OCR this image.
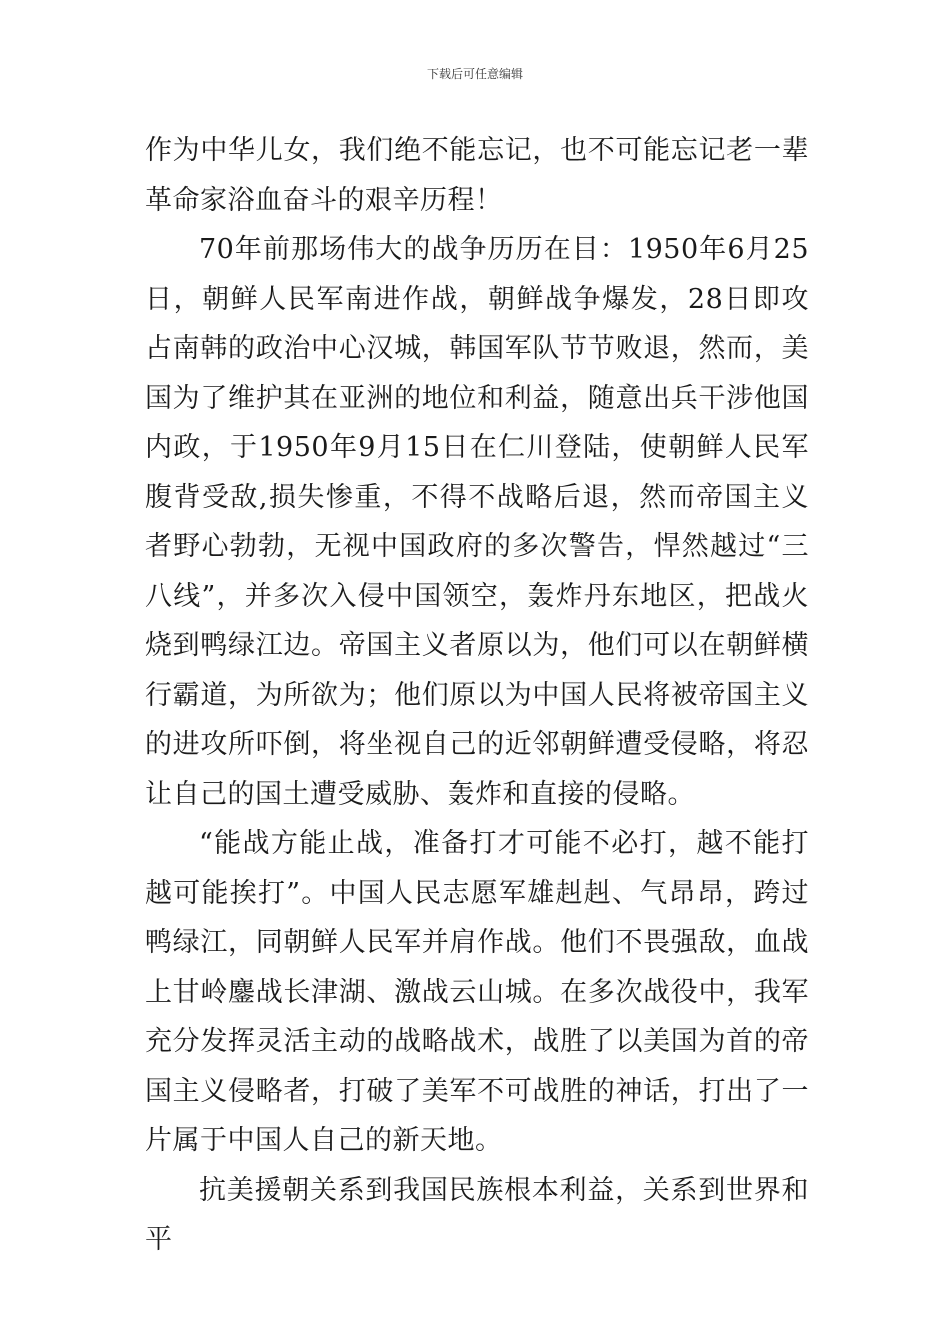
下载后可任意编辑

作为中华儿女，我们绝不能忘记，也不可能忘记老一辈革命家浴血奋斗的艰辛历程！

70年前那场伟大的战争历历在目：1950年6月25日，朝鲜人民军南进作战，朝鲜战争爆发，28日即攻占南韩的政治中心汉城，韩国军队节节败退，然而，美国为了维护其在亚洲的地位和利益，随意出兵干涉他国内政，于1950年9月15日在仁川登陆，使朝鲜人民军腹背受敌,损失惨重，不得不战略后退，然而帝国主义者野心勃勃，无视中国政府的多次警告，悍然越过“三八线”，并多次入侵中国领空，轰炸丹东地区，把战火烧到鸭绿江边。帝国主义者原以为，他们可以在朝鲜横行霸道，为所欲为；他们原以为中国人民将被帝国主义的进攻所吓倒，将坐视自己的近邻朝鲜遭受侵略，将忍让自己的国土遭受威胁、轰炸和直接的侵略。

“能战方能止战，准备打才可能不必打，越不能打越可能挨打”。中国人民志愿军雄赳赳、气昂昂，跨过鸭绿江，同朝鲜人民军并肩作战。他们不畏强敌，血战上甘岭鏖战长津湖、激战云山城。在多次战役中，我军充分发挥灵活主动的战略战术，战胜了以美国为首的帝国主义侵略者，打破了美军不可战胜的神话，打出了一片属于中国人自己的新天地。

抗美援朝关系到我国民族根本利益，关系到世界和平
